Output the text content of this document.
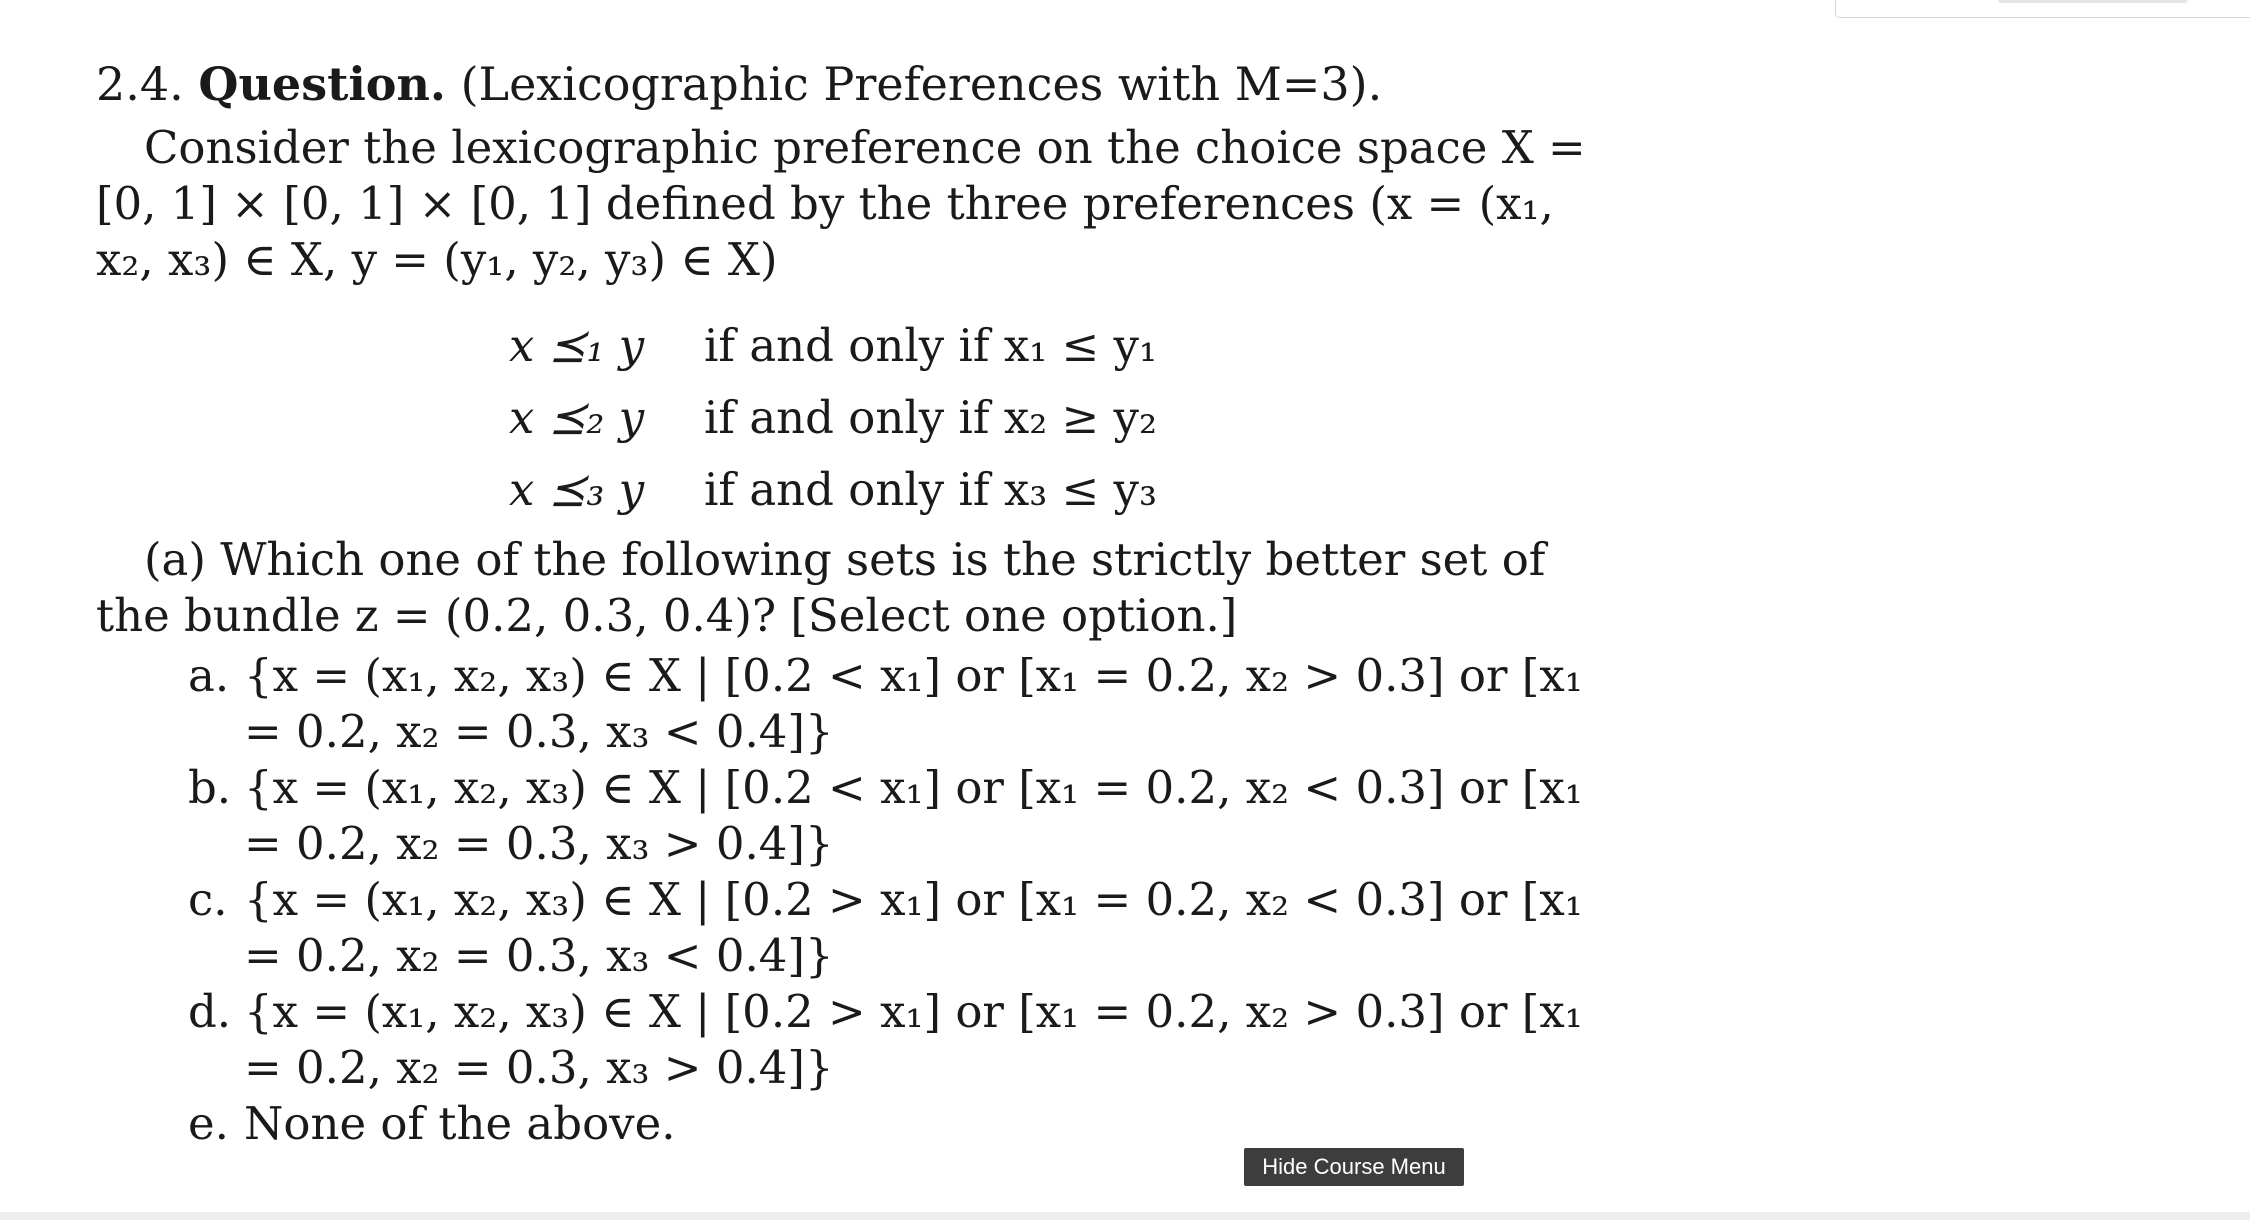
2.4. Question. (Lexicographic Preferences with M=3).

Consider the lexicographic preference on the choice space X = [0, 1] × [0, 1] × [0, 1] defined by the three preferences (x = (x₁, x₂, x₃) ∈ X, y = (y₁, y₂, y₃) ∈ X)

x ⪯₁ y	if and only if x₁ ≤ y₁
x ⪯₂ y	if and only if x₂ ≥ y₂
x ⪯₃ y	if and only if x₃ ≤ y₃

(a) Which one of the following sets is the strictly better set of the bundle z = (0.2, 0.3, 0.4)? [Select one option.]

a. {x = (x₁, x₂, x₃) ∈ X | [0.2 < x₁] or [x₁ = 0.2, x₂ > 0.3] or [x₁ = 0.2, x₂ = 0.3, x₃ < 0.4]}
b. {x = (x₁, x₂, x₃) ∈ X | [0.2 < x₁] or [x₁ = 0.2, x₂ < 0.3] or [x₁ = 0.2, x₂ = 0.3, x₃ > 0.4]}
c. {x = (x₁, x₂, x₃) ∈ X | [0.2 > x₁] or [x₁ = 0.2, x₂ < 0.3] or [x₁ = 0.2, x₂ = 0.3, x₃ < 0.4]}
d. {x = (x₁, x₂, x₃) ∈ X | [0.2 > x₁] or [x₁ = 0.2, x₂ > 0.3] or [x₁ = 0.2, x₂ = 0.3, x₃ > 0.4]}
e. None of the above.
Hide Course Menu
